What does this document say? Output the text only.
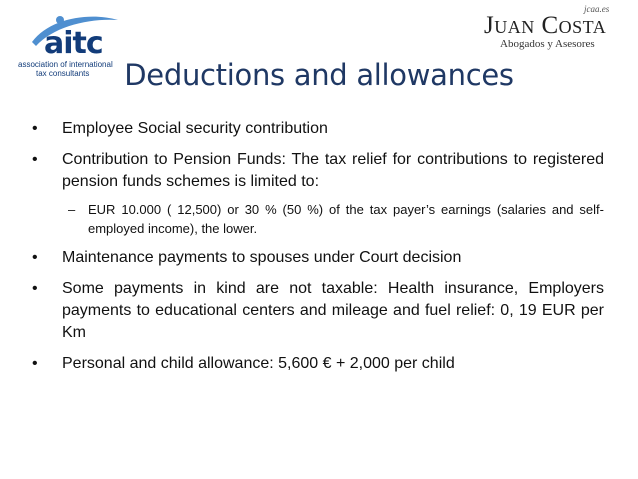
aitc
association of international
tax consultants
jcaa.es
Juan Costa
Abogados y Asesores
Deductions and allowances
• Employee Social security contribution
• Contribution to Pension Funds: The tax relief for contributions to registered pension funds schemes is limited to:
– EUR 10.000 ( 12,500) or 30 % (50 %) of the tax payer’s earnings (salaries and self-employed income), the lower.
• Maintenance payments to spouses under Court decision
• Some payments in kind are not taxable: Health insurance, Employers payments to educational centers and mileage and fuel relief: 0, 19 EUR per Km
• Personal and child allowance: 5,600 € + 2,000 per child
